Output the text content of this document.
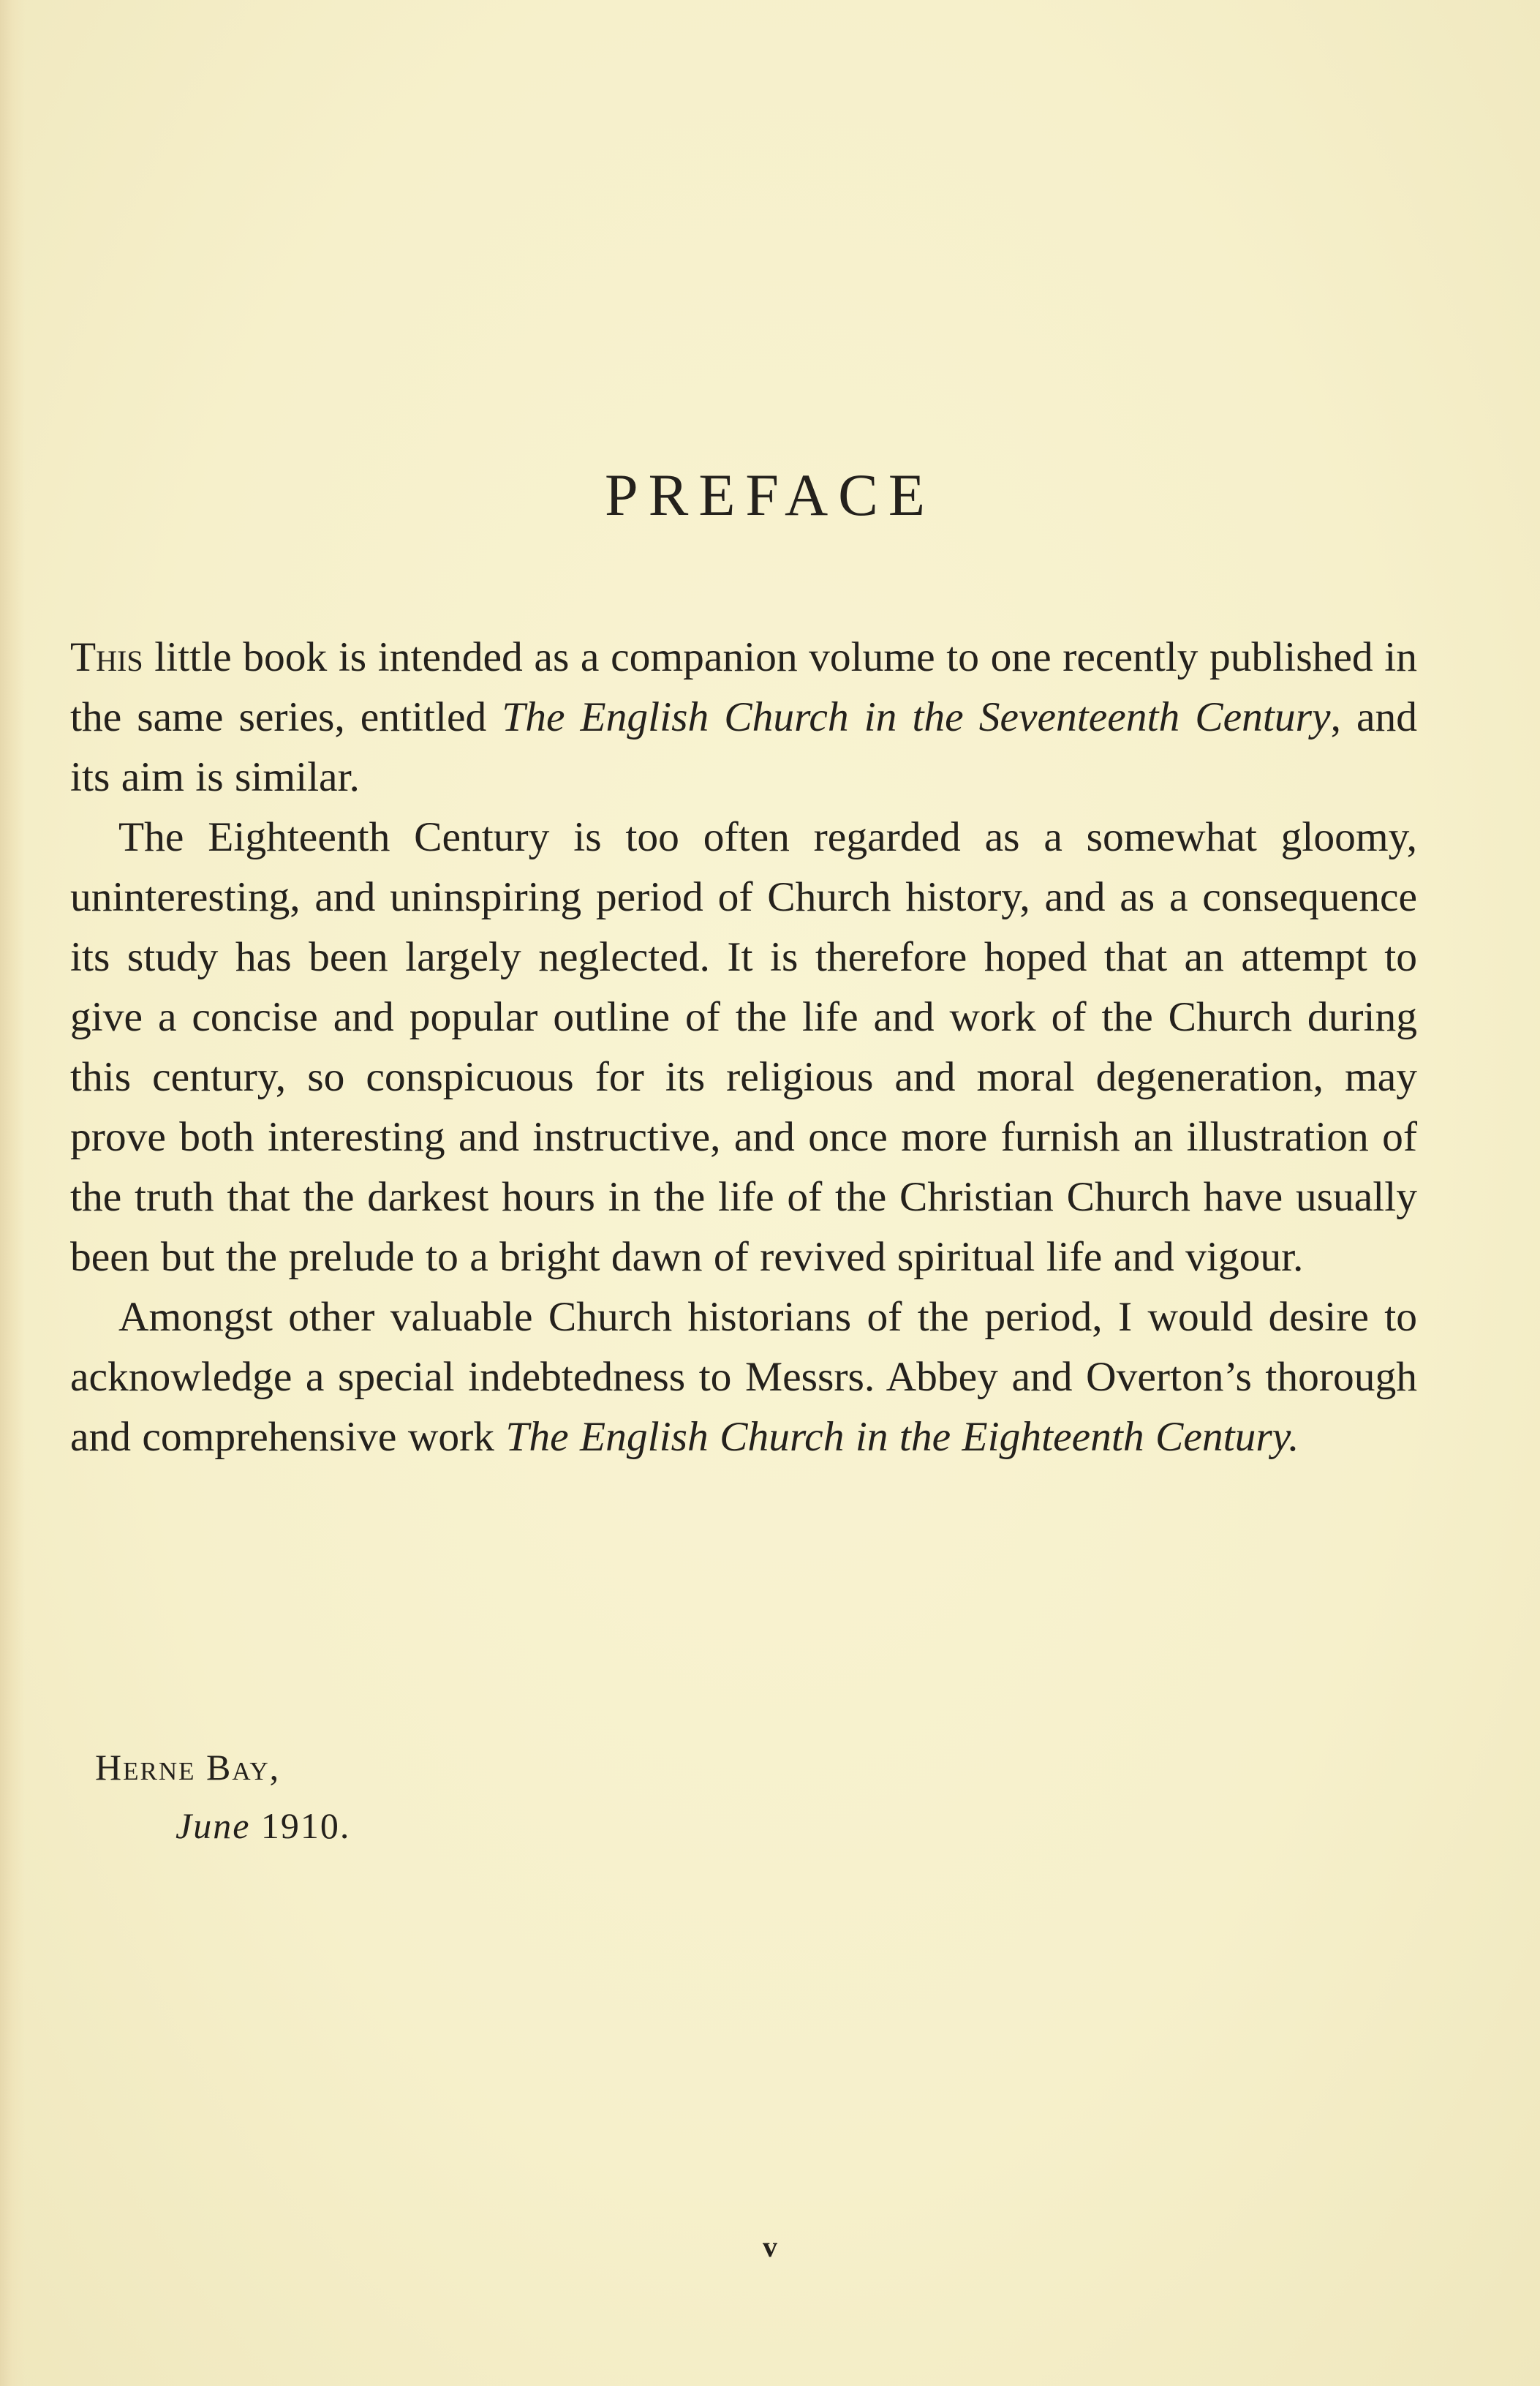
PREFACE

This little book is intended as a companion volume to one recently published in the same series, entitled The English Church in the Seventeenth Century, and its aim is similar.

The Eighteenth Century is too often regarded as a somewhat gloomy, uninteresting, and uninspiring period of Church history, and as a consequence its study has been largely neglected. It is therefore hoped that an attempt to give a concise and popular outline of the life and work of the Church during this century, so conspicuous for its religious and moral degeneration, may prove both interesting and instructive, and once more furnish an illustration of the truth that the darkest hours in the life of the Christian Church have usually been but the prelude to a bright dawn of revived spiritual life and vigour.

Amongst other valuable Church historians of the period, I would desire to acknowledge a special indebtedness to Messrs. Abbey and Overton’s thorough and comprehensive work The English Church in the Eighteenth Century.

Herne Bay,
June 1910.
v
